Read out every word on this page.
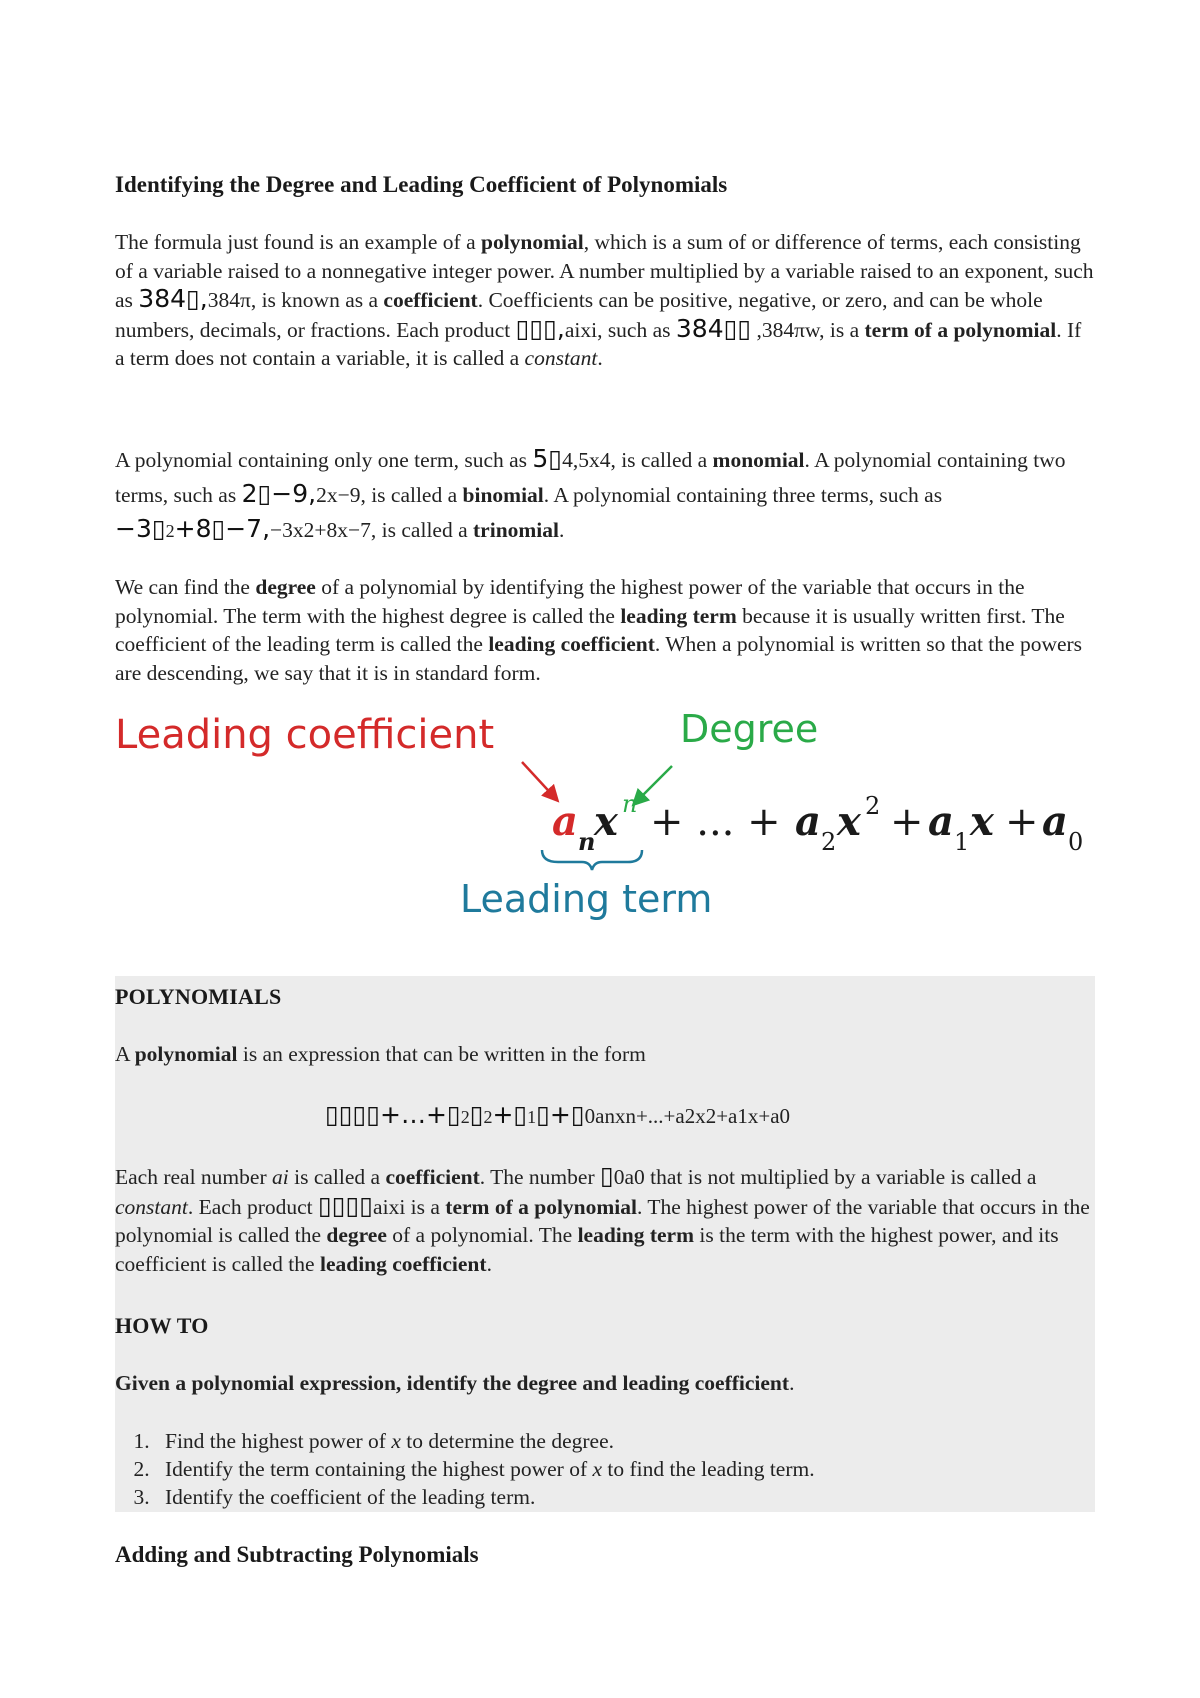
Identifying the Degree and Leading Coefficient of Polynomials

The formula just found is an example of a polynomial, which is a sum of or difference of terms, each consisting of a variable raised to a nonnegative integer power. A number multiplied by a variable raised to an exponent, such as 384▯,384π, is known as a coefficient. Coefficients can be positive, negative, or zero, and can be whole numbers, decimals, or fractions. Each product ▯▯▯,aixi, such as 384▯▯ ,384πw, is a term of a polynomial. If a term does not contain a variable, it is called a constant.

A polynomial containing only one term, such as 5▯4,5x4, is called a monomial. A polynomial containing two terms, such as 2▯−9,2x−9, is called a binomial. A polynomial containing three terms, such as −3▯2+8▯−7,−3x2+8x−7, is called a trinomial.

We can find the degree of a polynomial by identifying the highest power of the variable that occurs in the polynomial. The term with the highest degree is called the leading term because it is usually written first. The coefficient of the leading term is called the leading coefficient. When a polynomial is written so that the powers are descending, we say that it is in standard form.

POLYNOMIALS

A polynomial is an expression that can be written in the form

▯▯▯▯+…+▯2▯2+▯1▯+▯0anxn+...+a2x2+a1x+a0

Each real number ai is called a coefficient. The number ▯0a0 that is not multiplied by a variable is called a constant. Each product ▯▯▯▯aixi is a term of a polynomial. The highest power of the variable that occurs in the polynomial is called the degree of a polynomial. The leading term is the term with the highest power, and its coefficient is called the leading coefficient.

HOW TO

Given a polynomial expression, identify the degree and leading coefficient.

1. Find the highest power of x to determine the degree.
2. Identify the term containing the highest power of x to find the leading term.
3. Identify the coefficient of the leading term.
Adding and Subtracting Polynomials
Leading coefficient	Degree
a n
x n + ... + a 2 x 2 + a 1 x + a 0
Leading term
